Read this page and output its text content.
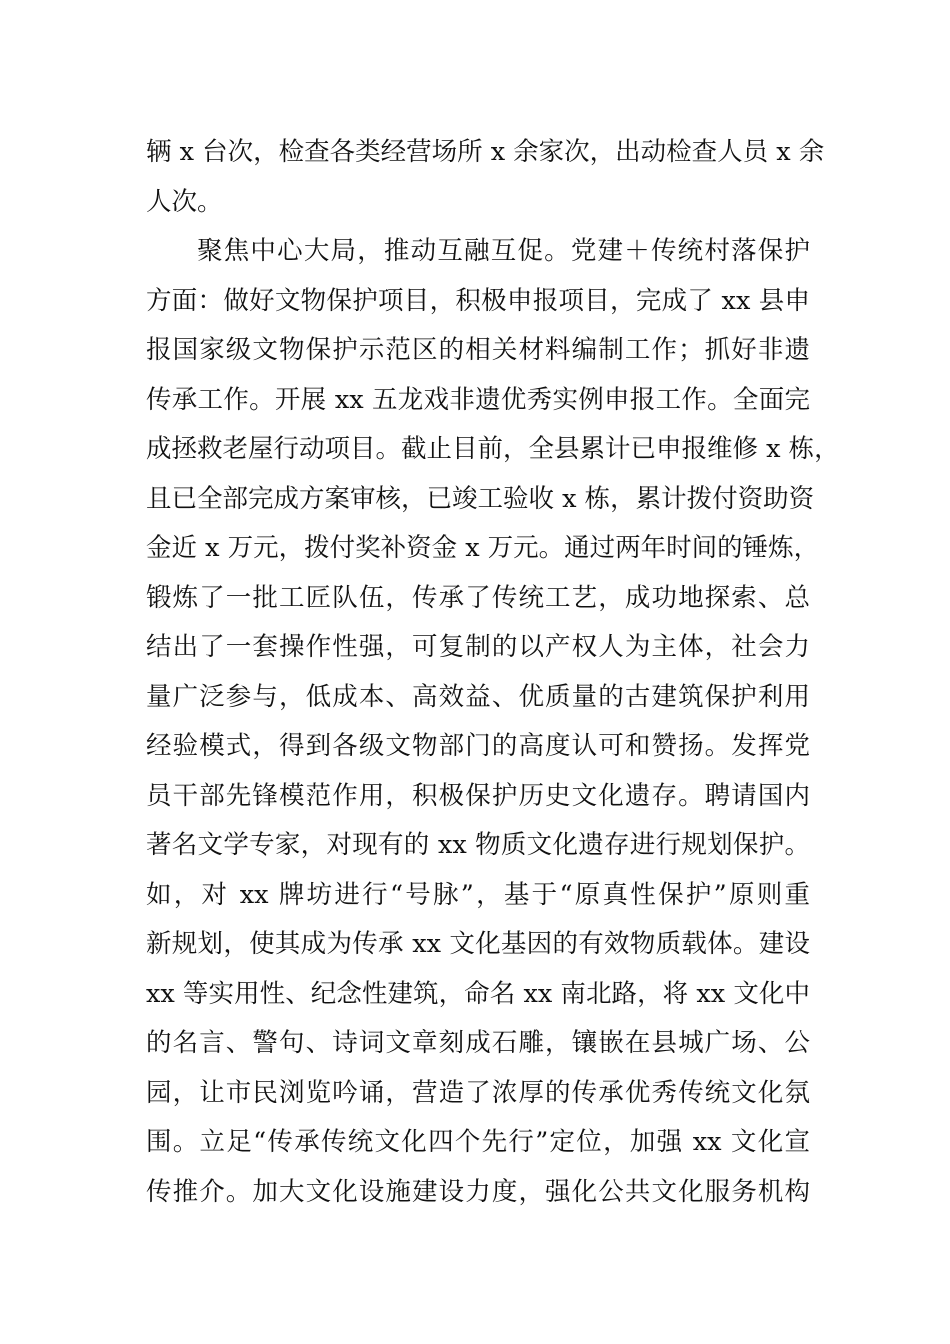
辆 x 台次，检查各类经营场所 x 余家次，出动检查人员 x 余
人次。
聚焦中心大局，推动互融互促。党建＋传统村落保护
方面：做好文物保护项目，积极申报项目，完成了 xx 县申
报国家级文物保护示范区的相关材料编制工作；抓好非遗
传承工作。开展 xx 五龙戏非遗优秀实例申报工作。全面完
成拯救老屋行动项目。截止目前，全县累计已申报维修 x 栋，
且已全部完成方案审核，已竣工验收 x 栋，累计拨付资助资
金近 x 万元，拨付奖补资金 x 万元。通过两年时间的锤炼，
锻炼了一批工匠队伍，传承了传统工艺，成功地探索、总
结出了一套操作性强，可复制的以产权人为主体，社会力
量广泛参与，低成本、高效益、优质量的古建筑保护利用
经验模式，得到各级文物部门的高度认可和赞扬。发挥党
员干部先锋模范作用，积极保护历史文化遗存。聘请国内
著名文学专家，对现有的 xx 物质文化遗存进行规划保护。
如，对 xx 牌坊进行“号脉”，基于“原真性保护”原则重
新规划，使其成为传承 xx 文化基因的有效物质载体。建设
xx 等实用性、纪念性建筑，命名 xx 南北路，将 xx 文化中
的名言、警句、诗词文章刻成石雕，镶嵌在县城广场、公
园，让市民浏览吟诵，营造了浓厚的传承优秀传统文化氛
围。立足“传承传统文化四个先行”定位，加强 xx 文化宣
传推介。加大文化设施建设力度，强化公共文化服务机构
